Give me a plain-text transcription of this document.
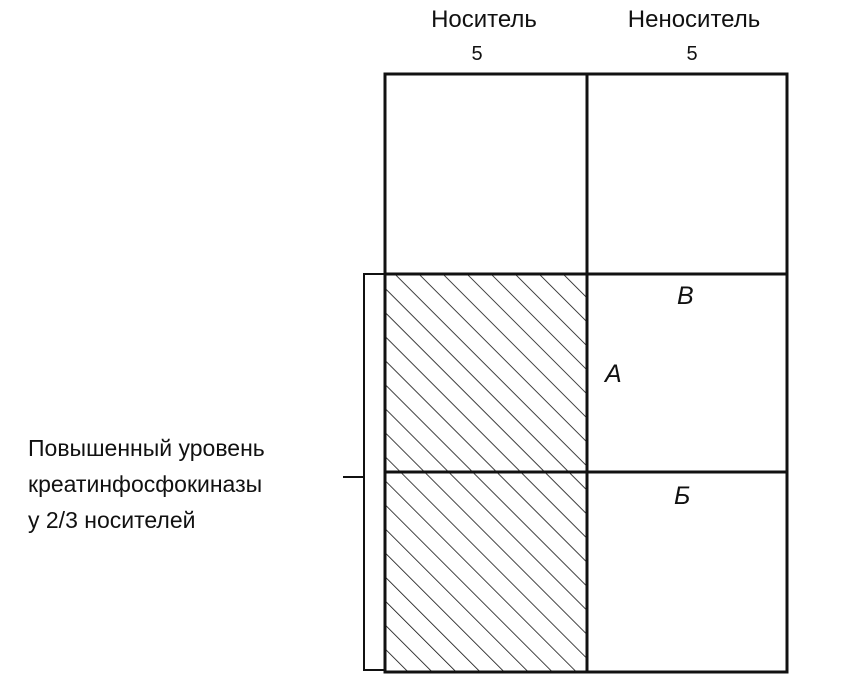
Носитель
5
Неноситель
5
В
А
Б
Повышенный уровень
креатинфосфокиназы
у 2/3 носителей
